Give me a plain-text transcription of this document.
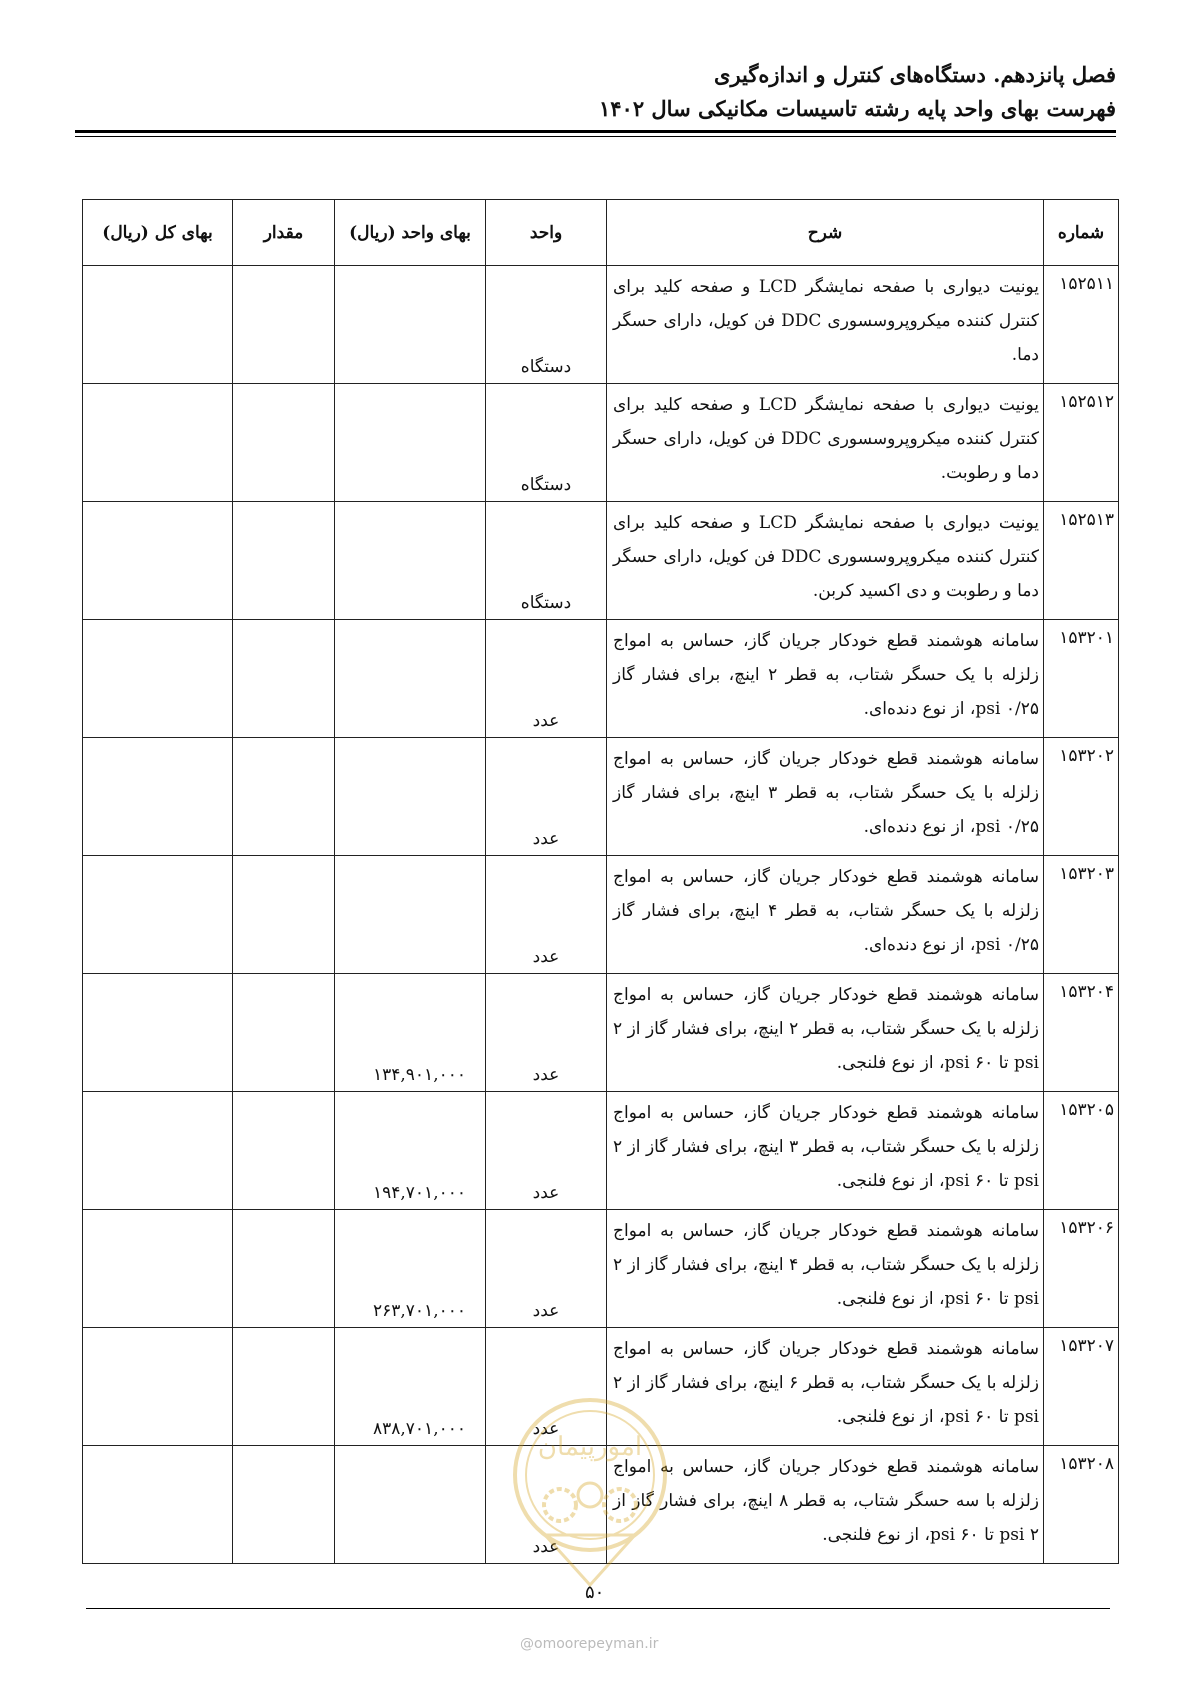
فصل پانزدهم. دستگاه‌های کنترل و اندازه‌گیری
فهرست بهای واحد پایه رشته تاسیسات مکانیکی سال ۱۴۰۲
شماره	شرح	واحد	بهای واحد (ریال)	مقدار	بهای کل (ریال)
۱۵۲۵۱۱	یونیت دیواری با صفحه نمایشگر LCD و صفحه کلید برای کنترل کننده میکروپروسسوری DDC فن کویل، دارای حسگر دما.	دستگاه			
۱۵۲۵۱۲	یونیت دیواری با صفحه نمایشگر LCD و صفحه کلید برای کنترل کننده میکروپروسسوری DDC فن کویل، دارای حسگر دما و رطوبت.	دستگاه			
۱۵۲۵۱۳	یونیت دیواری با صفحه نمایشگر LCD و صفحه کلید برای کنترل کننده میکروپروسسوری DDC فن کویل، دارای حسگر دما و رطوبت و دی اکسید کربن.	دستگاه			
۱۵۳۲۰۱	سامانه هوشمند قطع خودکار جریان گاز، حساس به امواج زلزله با یک حسگر شتاب، به قطر ۲ اینچ، برای فشار گاز ۰/۲۵ psi، از نوع دنده‌ای.	عدد			
۱۵۳۲۰۲	سامانه هوشمند قطع خودکار جریان گاز، حساس به امواج زلزله با یک حسگر شتاب، به قطر ۳ اینچ، برای فشار گاز ۰/۲۵ psi، از نوع دنده‌ای.	عدد			
۱۵۳۲۰۳	سامانه هوشمند قطع خودکار جریان گاز، حساس به امواج زلزله با یک حسگر شتاب، به قطر ۴ اینچ، برای فشار گاز ۰/۲۵ psi، از نوع دنده‌ای.	عدد			
۱۵۳۲۰۴	سامانه هوشمند قطع خودکار جریان گاز، حساس به امواج زلزله با یک حسگر شتاب، به قطر ۲ اینچ، برای فشار گاز از ۲ psi تا ۶۰ psi، از نوع فلنجی.	عدد	۱۳۴,۹۰۱,۰۰۰		
۱۵۳۲۰۵	سامانه هوشمند قطع خودکار جریان گاز، حساس به امواج زلزله با یک حسگر شتاب، به قطر ۳ اینچ، برای فشار گاز از ۲ psi تا ۶۰ psi، از نوع فلنجی.	عدد	۱۹۴,۷۰۱,۰۰۰		
۱۵۳۲۰۶	سامانه هوشمند قطع خودکار جریان گاز، حساس به امواج زلزله با یک حسگر شتاب، به قطر ۴ اینچ، برای فشار گاز از ۲ psi تا ۶۰ psi، از نوع فلنجی.	عدد	۲۶۳,۷۰۱,۰۰۰		
۱۵۳۲۰۷	سامانه هوشمند قطع خودکار جریان گاز، حساس به امواج زلزله با یک حسگر شتاب، به قطر ۶ اینچ، برای فشار گاز از ۲ psi تا ۶۰ psi، از نوع فلنجی.	عدد	۸۳۸,۷۰۱,۰۰۰		
۱۵۳۲۰۸	سامانه هوشمند قطع خودکار جریان گاز، حساس به امواج زلزله با سه حسگر شتاب، به قطر ۸ اینچ، برای فشار گاز از ۲ psi تا ۶۰ psi، از نوع فلنجی.	عدد			
۵۰
@omoorepeyman.ir
امورپیمان
